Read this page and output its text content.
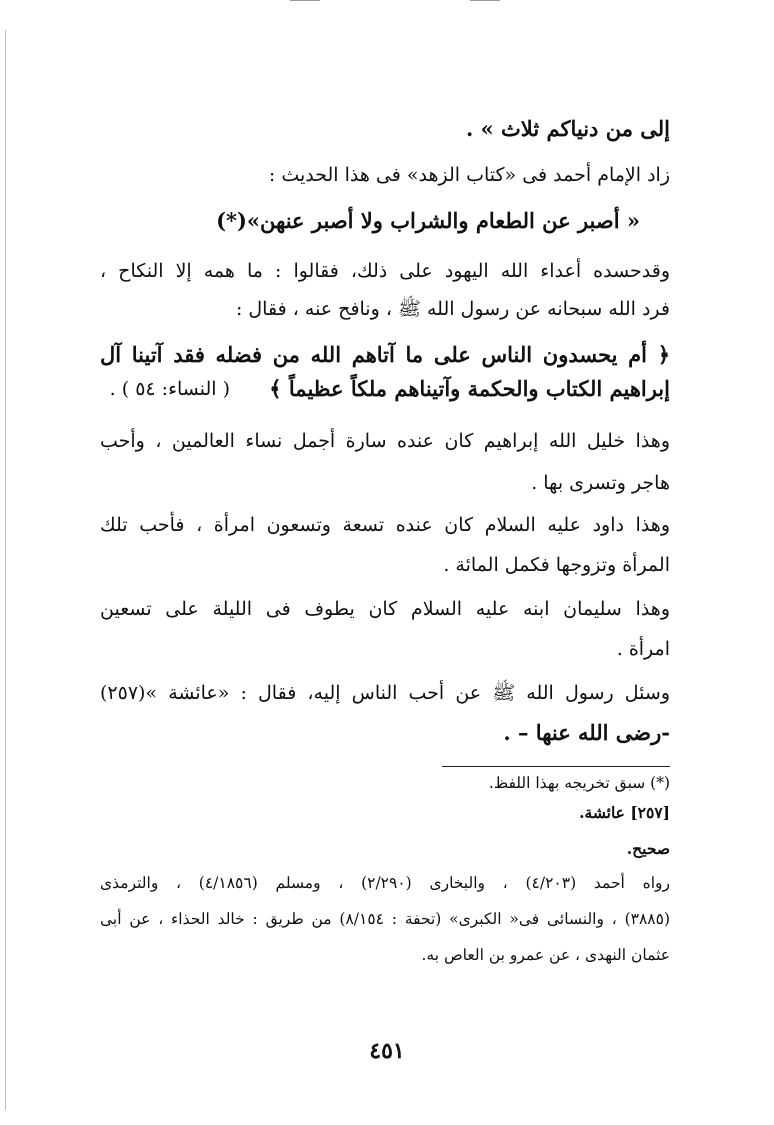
إلى من دنياكم ثلاث » .
زاد الإمام أحمد فى «كتاب الزهد» فى هذا الحديث :
« أصبر عن الطعام والشراب ولا أصبر عنهن»(*)
وقدحسده أعداء الله اليهود على ذلك، فقالوا : ما همه إلا النكاح ،
فرد الله سبحانه عن رسول الله ﷺ ، ونافح عنه ، فقال :
﴿ أم يحسدون الناس على ما آتاهم الله من فضله فقد آتينا آل
إبراهيم الكتاب والحكمة وآتيناهم ملكاً عظيماً ﴾
( النساء: ٥٤ ) .
وهذا خليل الله إبراهيم كان عنده سارة أجمل نساء العالمين ، وأحب
هاجر وتسرى بها .
وهذا داود عليه السلام كان عنده تسعة وتسعون امرأة ، فأحب تلك
المرأة وتزوجها فكمل المائة .
وهذا سليمان ابنه عليه السلام كان يطوف فى الليلة على تسعين
امرأة .
وسئل رسول الله ﷺ عن أحب الناس إليه، فقال : «عائشة »(٢٥٧)
-رضى الله عنها – .
(*) سبق تخريجه بهذا اللفظ.
[٢٥٧] عائشة.
صحيح.
رواه أحمد (٤/٢٠٣) ، والبخارى (٢/٢٩٠) ، ومسلم (٤/١٨٥٦) ، والترمذى
(٣٨٨٥) ، والنسائى فى« الكبرى» (تحفة : ٨/١٥٤) من طريق : خالد الحذاء ، عن أبى
عثمان النهدى ، عن عمرو بن العاص به.
٤٥١
